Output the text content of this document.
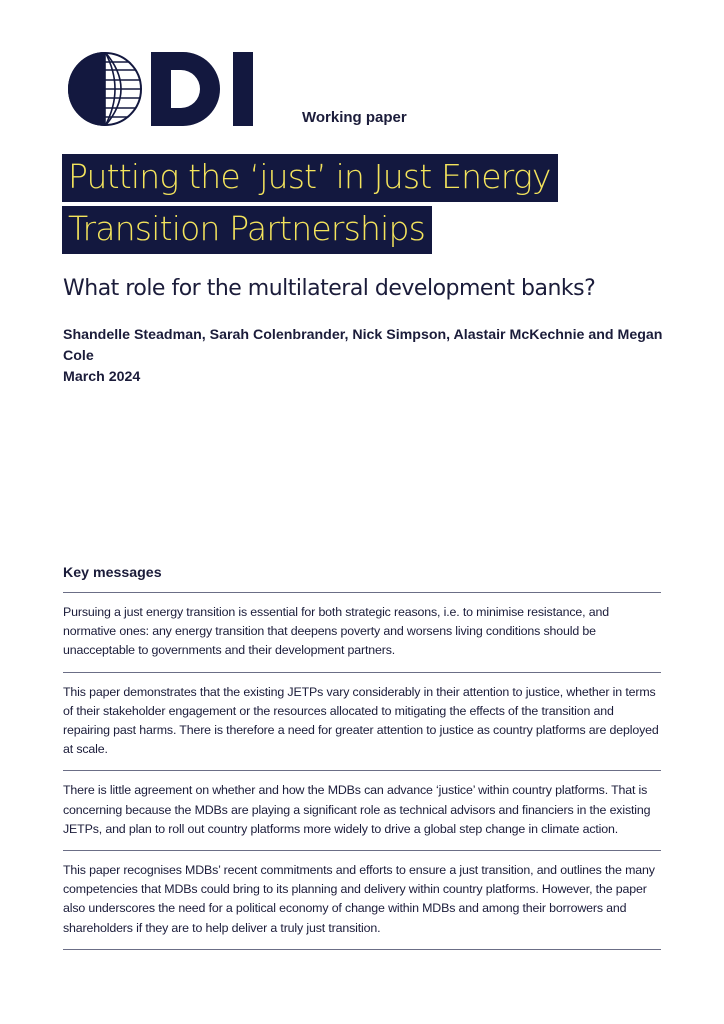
Working paper
Putting the ‘just’ in Just Energy
Transition Partnerships
What role for the multilateral development banks?
Shandelle Steadman, Sarah Colenbrander, Nick Simpson, Alastair McKechnie and Megan Cole
March 2024
Key messages
Pursuing a just energy transition is essential for both strategic reasons, i.e. to minimise resistance, and normative ones: any energy transition that deepens poverty and worsens living conditions should be unacceptable to governments and their development partners.
This paper demonstrates that the existing JETPs vary considerably in their attention to justice, whether in terms of their stakeholder engagement or the resources allocated to mitigating the effects of the transition and repairing past harms. There is therefore a need for greater attention to justice as country platforms are deployed at scale.
There is little agreement on whether and how the MDBs can advance ‘justice’ within country platforms. That is concerning because the MDBs are playing a significant role as technical advisors and financiers in the existing JETPs, and plan to roll out country platforms more widely to drive a global step change in climate action.
This paper recognises MDBs’ recent commitments and efforts to ensure a just transition, and outlines the many competencies that MDBs could bring to its planning and delivery within country platforms. However, the paper also underscores the need for a political economy of change within MDBs and among their borrowers and shareholders if they are to help deliver a truly just transition.
